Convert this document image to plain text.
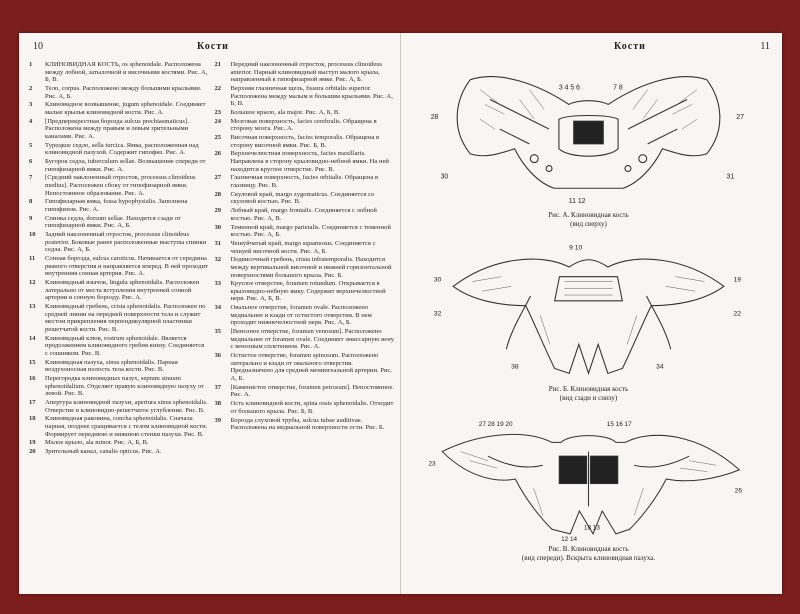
10	Кости
1	КЛИНОВИДНАЯ КОСТЬ, os sphenoidale. Расположена между лобной, затылочной и височными костями. Рис. А, Б, В.
2	Тело, corpus. Расположено между большими крыльями. Рис. А, Б.
3	Клиновидное возвышение, jugum sphenoidale. Соединяет малые крылья клиновидной кости. Рис. А.
4	[Предперекрестная борозда sulcus prechiasmaticus]. Расположена между правым и левым зрительными каналами. Рис. А.
5	Турецкое седло, sella turcica. Ямка, расположенная над клиновидной пазухой. Содержит гипофиз. Рис. А.
6	Бугорок седла, tuberculum sellae. Возвышение спереди от гипофизарной ямки. Рис. А.
7	[Средний наклоненный отросток, processus clinoideus medius]. Расположен сбоку от гипофизарной ямки. Непостоянное образование. Рис. А.
8	Гипофизарная ямка, fossa hypophysialis. Заполнена гипофизом. Рис. А.
9	Спинка седла, dorsum sellae. Находится сзади от гипофизарной ямки. Рис. А, Б.
10	Задний наклоненный отросток, processus clinoideus posterior. Боковые ранее расположенные выступы спинки седла. Рис. А, Б.
11	Сонная борозда, sulcus caroticus. Начинается от середины рваного отверстия и направляется вперед. В ней проходит внутренняя сонная артерия. Рис. А.
12	Клиновидный язычок, lingula sphenoidalis. Расположен латерально от места вступления внутренней сонной артерии в сонную борозду. Рис. А.
13	Клиновидный гребень, crista sphenoidalis. Расположен по средней линии на передней поверхности тела и служит местом прикрепления перпендикулярной пластинки решетчатой кости. Рис. В.
14	Клиновидный клюв, rostrum sphenoidale. Является продолжением клиновидного гребня книзу. Соединяется с сошником. Рис. В.
15	Клиновидная пазуха, sinus sphenoidalis. Парная воздухоносная полость тела кости. Рис. В.
16	Перегородка клиновидных пазух, septum sinuum sphenoidalium. Отделяет правую клиновидную пазуху от левой. Рис. В.
17	Апертура клиновидной пазухи, apertura sinus sphenoidalis. Отверстие в клиновидно-решетчатое углубление. Рис. В.
18	Клиновидная раковина, concha sphenoidalis. Сначала парная, позднее сращивается с телом клиновидной кости. Формирует переднюю и нижнюю стенки пазухи. Рис. В.
19	Малое крыло, ala minor. Рис. А, Б, В.
20	Зрительный канал, canalis opticus. Рис. А.
21	Передний наклоненный отросток, processus clinoideus anterior. Парный клиновидный выступ малого крыла, направленный к гипофизарной ямке. Рис. А, Б.
22	Верхняя глазничная щель, fissura orbitalis superior. Расположена между малым и большим крыльями. Рис. А, Б, В.
23	Большое крыло, ala major. Рис. А, Б, В.
24	Мозговая поверхность, facies cerebralis. Обращена в сторону мозга. Рис. А.
25	Височная поверхность, facies temporalis. Обращена в сторону височной ямки. Рис. Б, В.
26	Верхнечелюстная поверхность, facies maxillaris. Направлена в сторону крыловидно-небной ямки. На ней находится круглое отверстие. Рис. В.
27	Глазничная поверхность, facies orbitalis. Обращена в глазницу. Рис. В.
28	Скуловой край, margo zygomaticus. Соединяется со скуловой костью. Рис. В.
29	Лобный край, margo frontalis. Соединяется с лобной костью. Рис. А, В.
30	Теменной край, margo parietalis. Соединяется с теменной костью. Рис. А, Б.
31	Чешуйчатый край, margo squamosus. Соединяется с чешуей височной кости. Рис. А, Б.
32	Подвисочный гребень, crista infratemporalis. Находится между вертикальной височной и нижней горизонтальной поверхностями большого крыла. Рис. Б.
33	Круглое отверстие, foramen rotundum. Открывается в крыловидно-небную ямку. Содержит верхнечелюстной нерв. Рис. А, Б, В.
34	Овальное отверстие, foramen ovale. Расположено медиальнее и кзади от остистого отверстия. В нем проходит нижнечелюстной нерв. Рис. А, Б.
35	[Венозное отверстие, foramen venosum]. Расположено медиальнее от foramen ovale. Соединяет эмиссарную вену с венозным сплетением. Рис. А.
36	Остистое отверстие, foramen spinosum. Расположено латерально и кзади от овального отверстия. Предназначено для средней менингеальной артерии. Рис. А, Б.
37	[Каменистое отверстие, foramen petrosum]. Непостоянное. Рис. А.
38	Ость клиновидной кости, spina ossis sphenoidalis. Отходит от большого крыла. Рис. Б, В.
39	Борозда слуховой трубы, sulcus tubae auditivae. Расположена на медиальной поверхности ости. Рис. Б.
Кости	11
28	27
3 4 5 6	7 8
30	31
11 12
Рис. А. Клиновидная кость
(вид сверху)
9 10
30	19
32	22
38	34
Рис. Б. Клиновидная кость
(вид сзади и снизу)
27 28 19 20	15 16 17
23
26
18 13
12 14
Рис. В. Клиновидная кость
(вид спереди). Вскрыта клиновидная пазуха.
